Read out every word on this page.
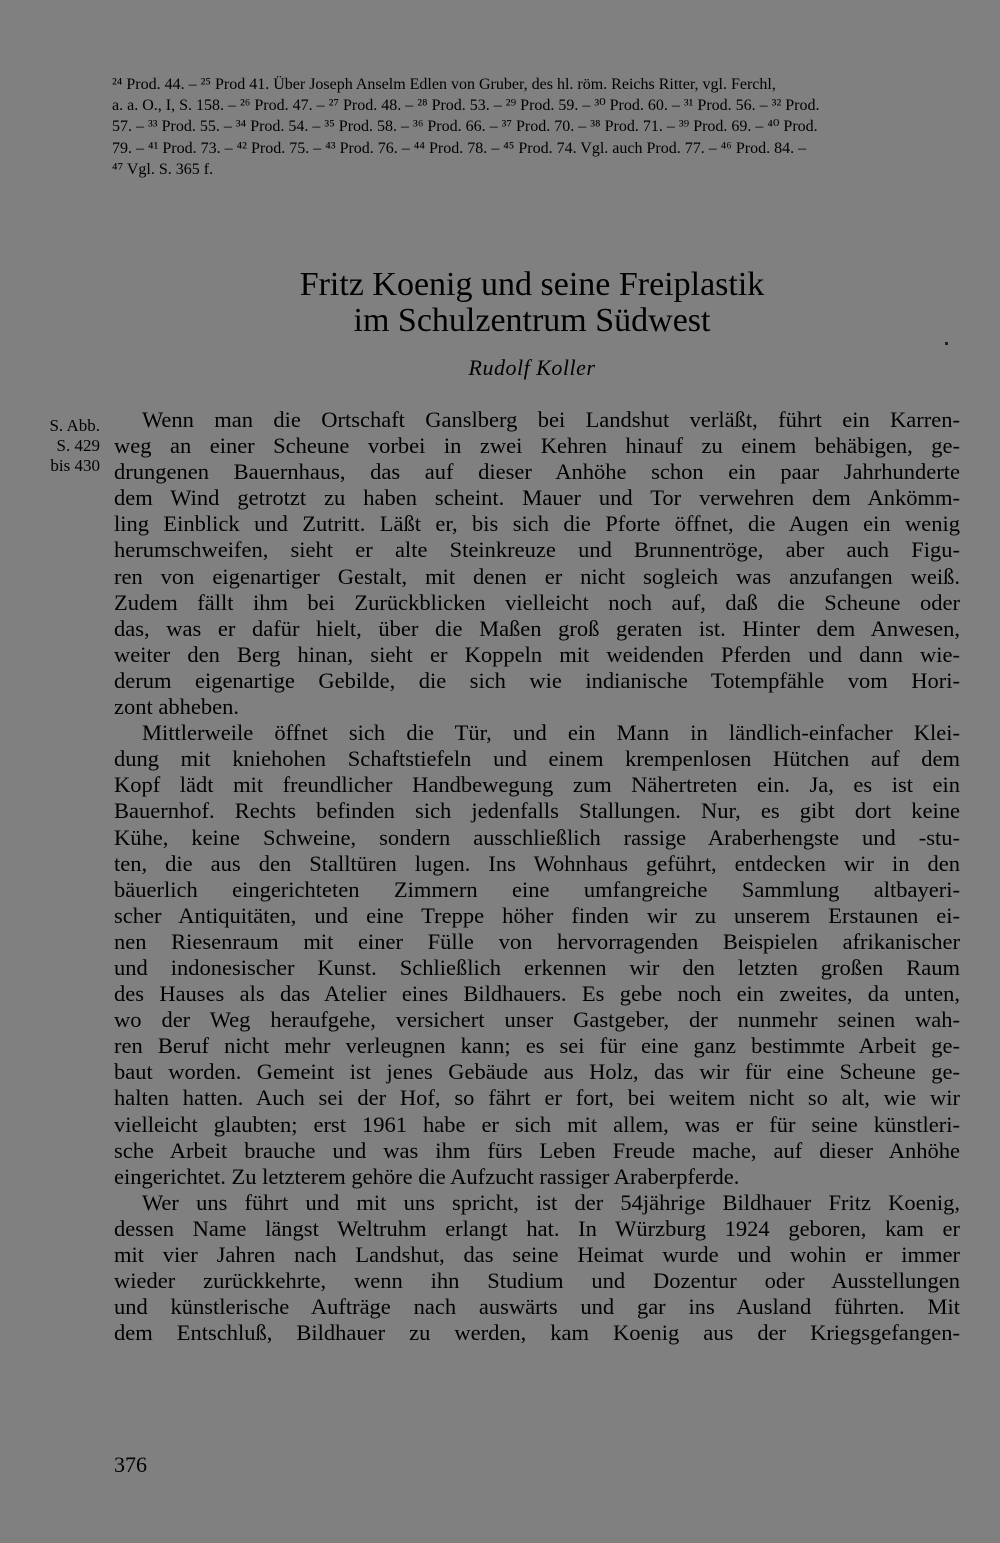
²⁴ Prod. 44. – ²⁵ Prod 41. Über Joseph Anselm Edlen von Gruber, des hl. röm. Reichs Ritter, vgl. Ferchl,
a. a. O., I, S. 158. – ²⁶ Prod. 47. – ²⁷ Prod. 48. – ²⁸ Prod. 53. – ²⁹ Prod. 59. – ³⁰ Prod. 60. – ³¹ Prod. 56. – ³² Prod.
57. – ³³ Prod. 55. – ³⁴ Prod. 54. – ³⁵ Prod. 58. – ³⁶ Prod. 66. – ³⁷ Prod. 70. – ³⁸ Prod. 71. – ³⁹ Prod. 69. – ⁴⁰ Prod.
79. – ⁴¹ Prod. 73. – ⁴² Prod. 75. – ⁴³ Prod. 76. – ⁴⁴ Prod. 78. – ⁴⁵ Prod. 74. Vgl. auch Prod. 77. – ⁴⁶ Prod. 84. –
⁴⁷ Vgl. S. 365 f.
Fritz Koenig und seine Freiplastik
im Schulzentrum Südwest
Rudolf Koller
S. Abb.
S. 429
bis 430
Wenn man die Ortschaft Ganslberg bei Landshut verläßt, führt ein Karren-
weg an einer Scheune vorbei in zwei Kehren hinauf zu einem behäbigen, ge-
drungenen Bauernhaus, das auf dieser Anhöhe schon ein paar Jahrhunderte
dem Wind getrotzt zu haben scheint. Mauer und Tor verwehren dem Ankömm-
ling Einblick und Zutritt. Läßt er, bis sich die Pforte öffnet, die Augen ein wenig
herumschweifen, sieht er alte Steinkreuze und Brunnentröge, aber auch Figu-
ren von eigenartiger Gestalt, mit denen er nicht sogleich was anzufangen weiß.
Zudem fällt ihm bei Zurückblicken vielleicht noch auf, daß die Scheune oder
das, was er dafür hielt, über die Maßen groß geraten ist. Hinter dem Anwesen,
weiter den Berg hinan, sieht er Koppeln mit weidenden Pferden und dann wie-
derum eigenartige Gebilde, die sich wie indianische Totempfähle vom Hori-
zont abheben.
Mittlerweile öffnet sich die Tür, und ein Mann in ländlich-einfacher Klei-
dung mit kniehohen Schaftstiefeln und einem krempenlosen Hütchen auf dem
Kopf lädt mit freundlicher Handbewegung zum Nähertreten ein. Ja, es ist ein
Bauernhof. Rechts befinden sich jedenfalls Stallungen. Nur, es gibt dort keine
Kühe, keine Schweine, sondern ausschließlich rassige Araberhengste und -stu-
ten, die aus den Stalltüren lugen. Ins Wohnhaus geführt, entdecken wir in den
bäuerlich eingerichteten Zimmern eine umfangreiche Sammlung altbayeri-
scher Antiquitäten, und eine Treppe höher finden wir zu unserem Erstaunen ei-
nen Riesenraum mit einer Fülle von hervorragenden Beispielen afrikanischer
und indonesischer Kunst. Schließlich erkennen wir den letzten großen Raum
des Hauses als das Atelier eines Bildhauers. Es gebe noch ein zweites, da unten,
wo der Weg heraufgehe, versichert unser Gastgeber, der nunmehr seinen wah-
ren Beruf nicht mehr verleugnen kann; es sei für eine ganz bestimmte Arbeit ge-
baut worden. Gemeint ist jenes Gebäude aus Holz, das wir für eine Scheune ge-
halten hatten. Auch sei der Hof, so fährt er fort, bei weitem nicht so alt, wie wir
vielleicht glaubten; erst 1961 habe er sich mit allem, was er für seine künstleri-
sche Arbeit brauche und was ihm fürs Leben Freude mache, auf dieser Anhöhe
eingerichtet. Zu letzterem gehöre die Aufzucht rassiger Araberpferde.
Wer uns führt und mit uns spricht, ist der 54jährige Bildhauer Fritz Koenig,
dessen Name längst Weltruhm erlangt hat. In Würzburg 1924 geboren, kam er
mit vier Jahren nach Landshut, das seine Heimat wurde und wohin er immer
wieder zurückkehrte, wenn ihn Studium und Dozentur oder Ausstellungen
und künstlerische Aufträge nach auswärts und gar ins Ausland führten. Mit
dem Entschluß, Bildhauer zu werden, kam Koenig aus der Kriegsgefangen-
376
